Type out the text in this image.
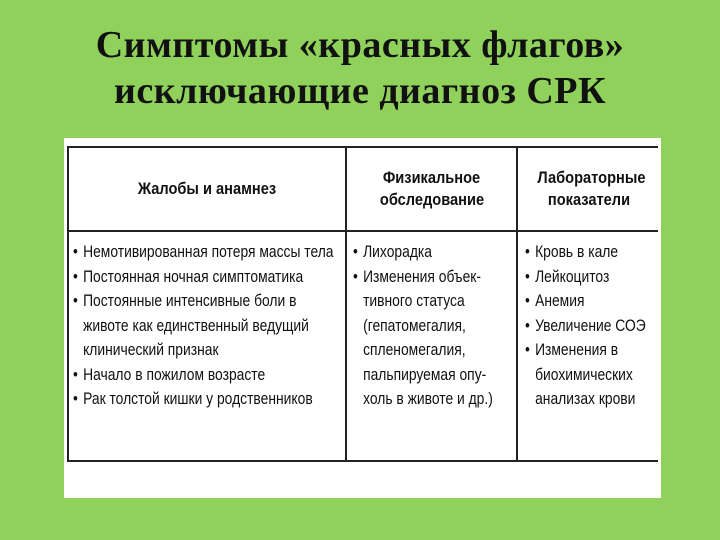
Симптомы «красных флагов»
исключающие диагноз СРК
Жалобы и анамнез
Физикальное обследование
Лабораторные показатели
• Немотивированная потеря массы тела
• Постоянная ночная симптоматика
• Постоянные интенсивные боли в
животе как единственный ведущий
клинический признак
• Начало в пожилом возрасте
• Рак толстой кишки у родственников
• Лихорадка
• Изменения объек-
тивного статуса
(гепатомегалия,
спленомегалия,
пальпируемая опу-
холь в животе и др.)
• Кровь в кале
• Лейкоцитоз
• Анемия
• Увеличение СОЭ
• Изменения в
биохимических
анализах крови
